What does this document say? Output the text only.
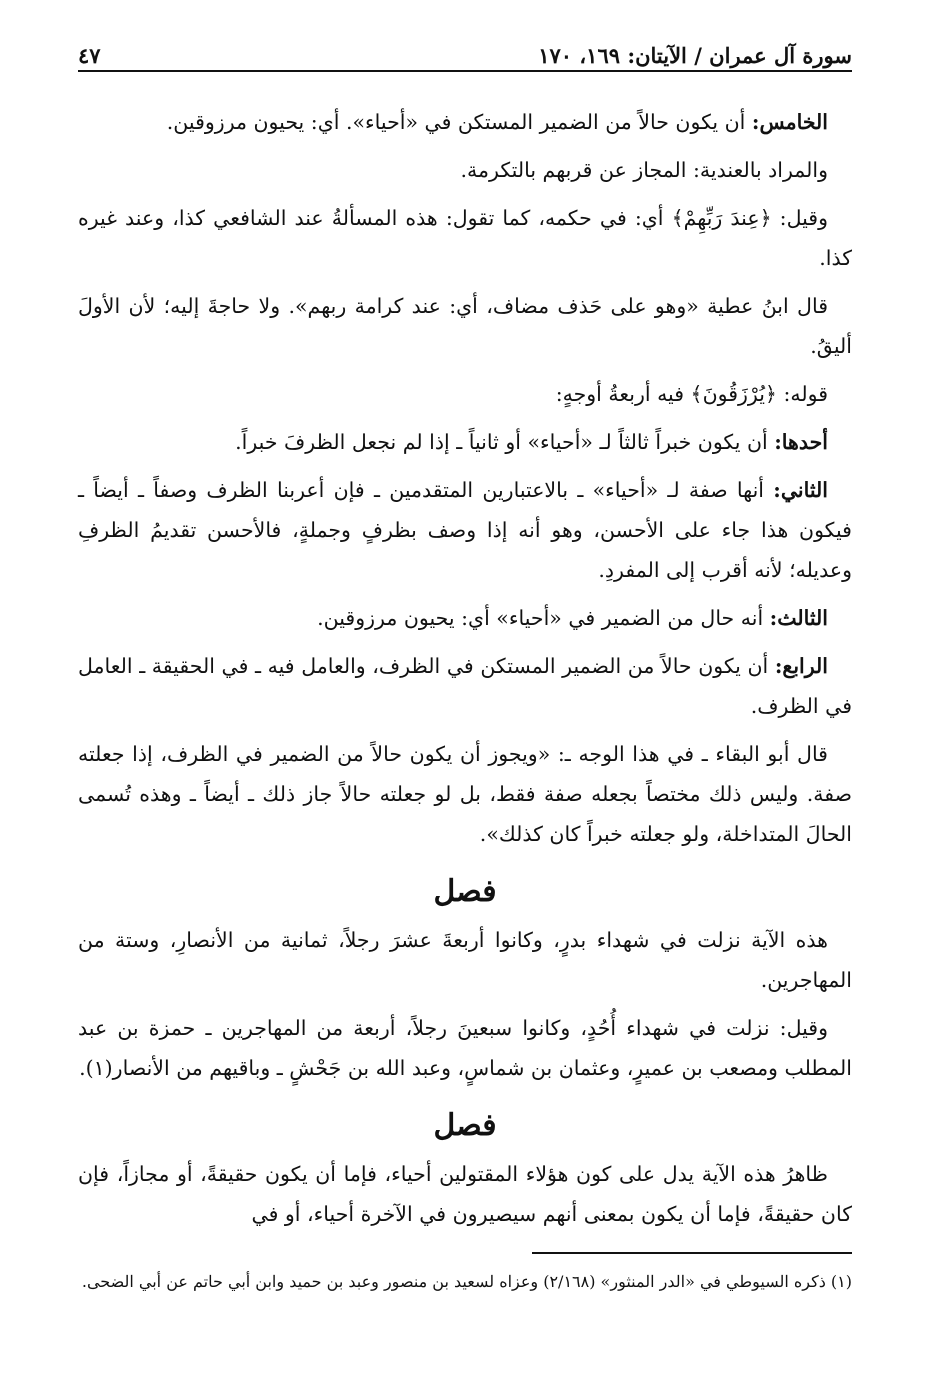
سورة آل عمران / الآيتان: ١٦٩، ١٧٠
٤٧

الخامس: أن يكون حالاً من الضمير المستكن في «أحياء». أي: يحيون مرزوقين.

والمراد بالعندية: المجاز عن قربهم بالتكرمة.

وقيل: ﴿عِندَ رَبِّهِمْ﴾ أي: في حكمه، كما تقول: هذه المسألةُ عند الشافعي كذا، وعند غيره كذا.

قال ابنُ عطية «وهو على حَذف مضاف، أي: عند كرامة ربهم». ولا حاجةَ إليه؛ لأن الأولَ أليقُ.

قوله: ﴿يُرْزَقُونَ﴾ فيه أربعةُ أوجهٍ:

أحدها: أن يكون خبراً ثالثاً لـ «أحياء» أو ثانياً ـ إذا لم نجعل الظرفَ خبراً.

الثاني: أنها صفة لـ «أحياء» ـ بالاعتبارين المتقدمين ـ فإن أعربنا الظرف وصفاً ـ أيضاً ـ فيكون هذا جاء على الأحسن، وهو أنه إذا وصف بظرفٍ وجملةٍ، فالأحسن تقديمُ الظرفِ وعديله؛ لأنه أقرب إلى المفردِ.

الثالث: أنه حال من الضمير في «أحياء» أي: يحيون مرزوقين.

الرابع: أن يكون حالاً من الضمير المستكن في الظرف، والعامل فيه ـ في الحقيقة ـ العامل في الظرف.

قال أبو البقاء ـ في هذا الوجه ـ: «ويجوز أن يكون حالاً من الضمير في الظرف، إذا جعلته صفة. وليس ذلك مختصاً بجعله صفة فقط، بل لو جعلته حالاً جاز ذلك ـ أيضاً ـ وهذه تُسمى الحالَ المتداخلة، ولو جعلته خبراً كان كذلك».

فصل

هذه الآية نزلت في شهداء بدرٍ، وكانوا أربعةَ عشرَ رجلاً، ثمانية من الأنصارِ، وستة من المهاجرين.

وقيل: نزلت في شهداء أُحُدٍ، وكانوا سبعينَ رجلاً، أربعة من المهاجرين ـ حمزة بن عبد المطلب ومصعب بن عميرٍ، وعثمان بن شماسٍ، وعبد الله بن جَحْشٍ ـ وباقيهم من الأنصار(١).

فصل

ظاهرُ هذه الآية يدل على كون هؤلاء المقتولين أحياء، فإما أن يكون حقيقةً، أو مجازاً، فإن كان حقيقةً، فإما أن يكون بمعنى أنهم سيصيرون في الآخرة أحياء، أو في

(١) ذكره السيوطي في «الدر المنثور» (٢/١٦٨) وعزاه لسعيد بن منصور وعبد بن حميد وابن أبي حاتم عن أبي الضحى.
